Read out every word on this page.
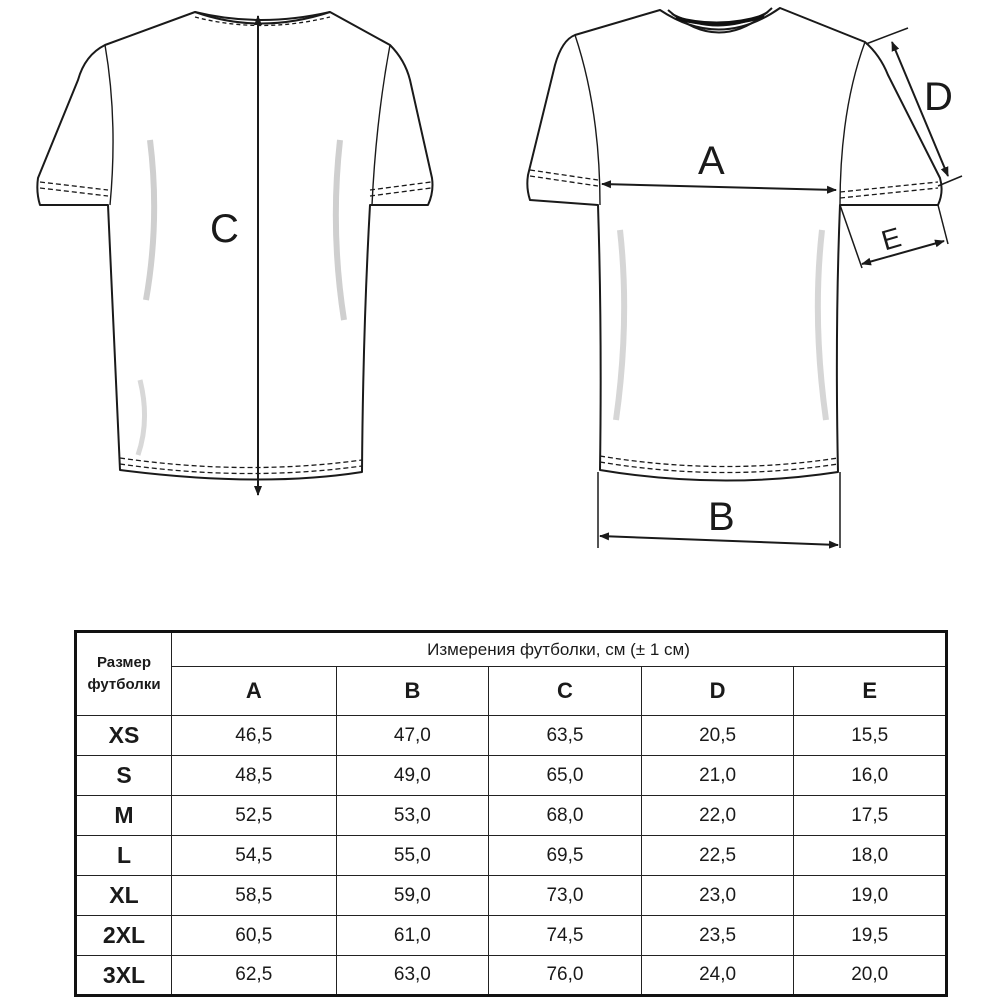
C
A
B
D
E
Размер
футболки	Измерения футболки, см (± 1 см)				
	A	B	C	D	E
XS	46,5	47,0	63,5	20,5	15,5
S	48,5	49,0	65,0	21,0	16,0
M	52,5	53,0	68,0	22,0	17,5
L	54,5	55,0	69,5	22,5	18,0
XL	58,5	59,0	73,0	23,0	19,0
2XL	60,5	61,0	74,5	23,5	19,5
3XL	62,5	63,0	76,0	24,0	20,0
